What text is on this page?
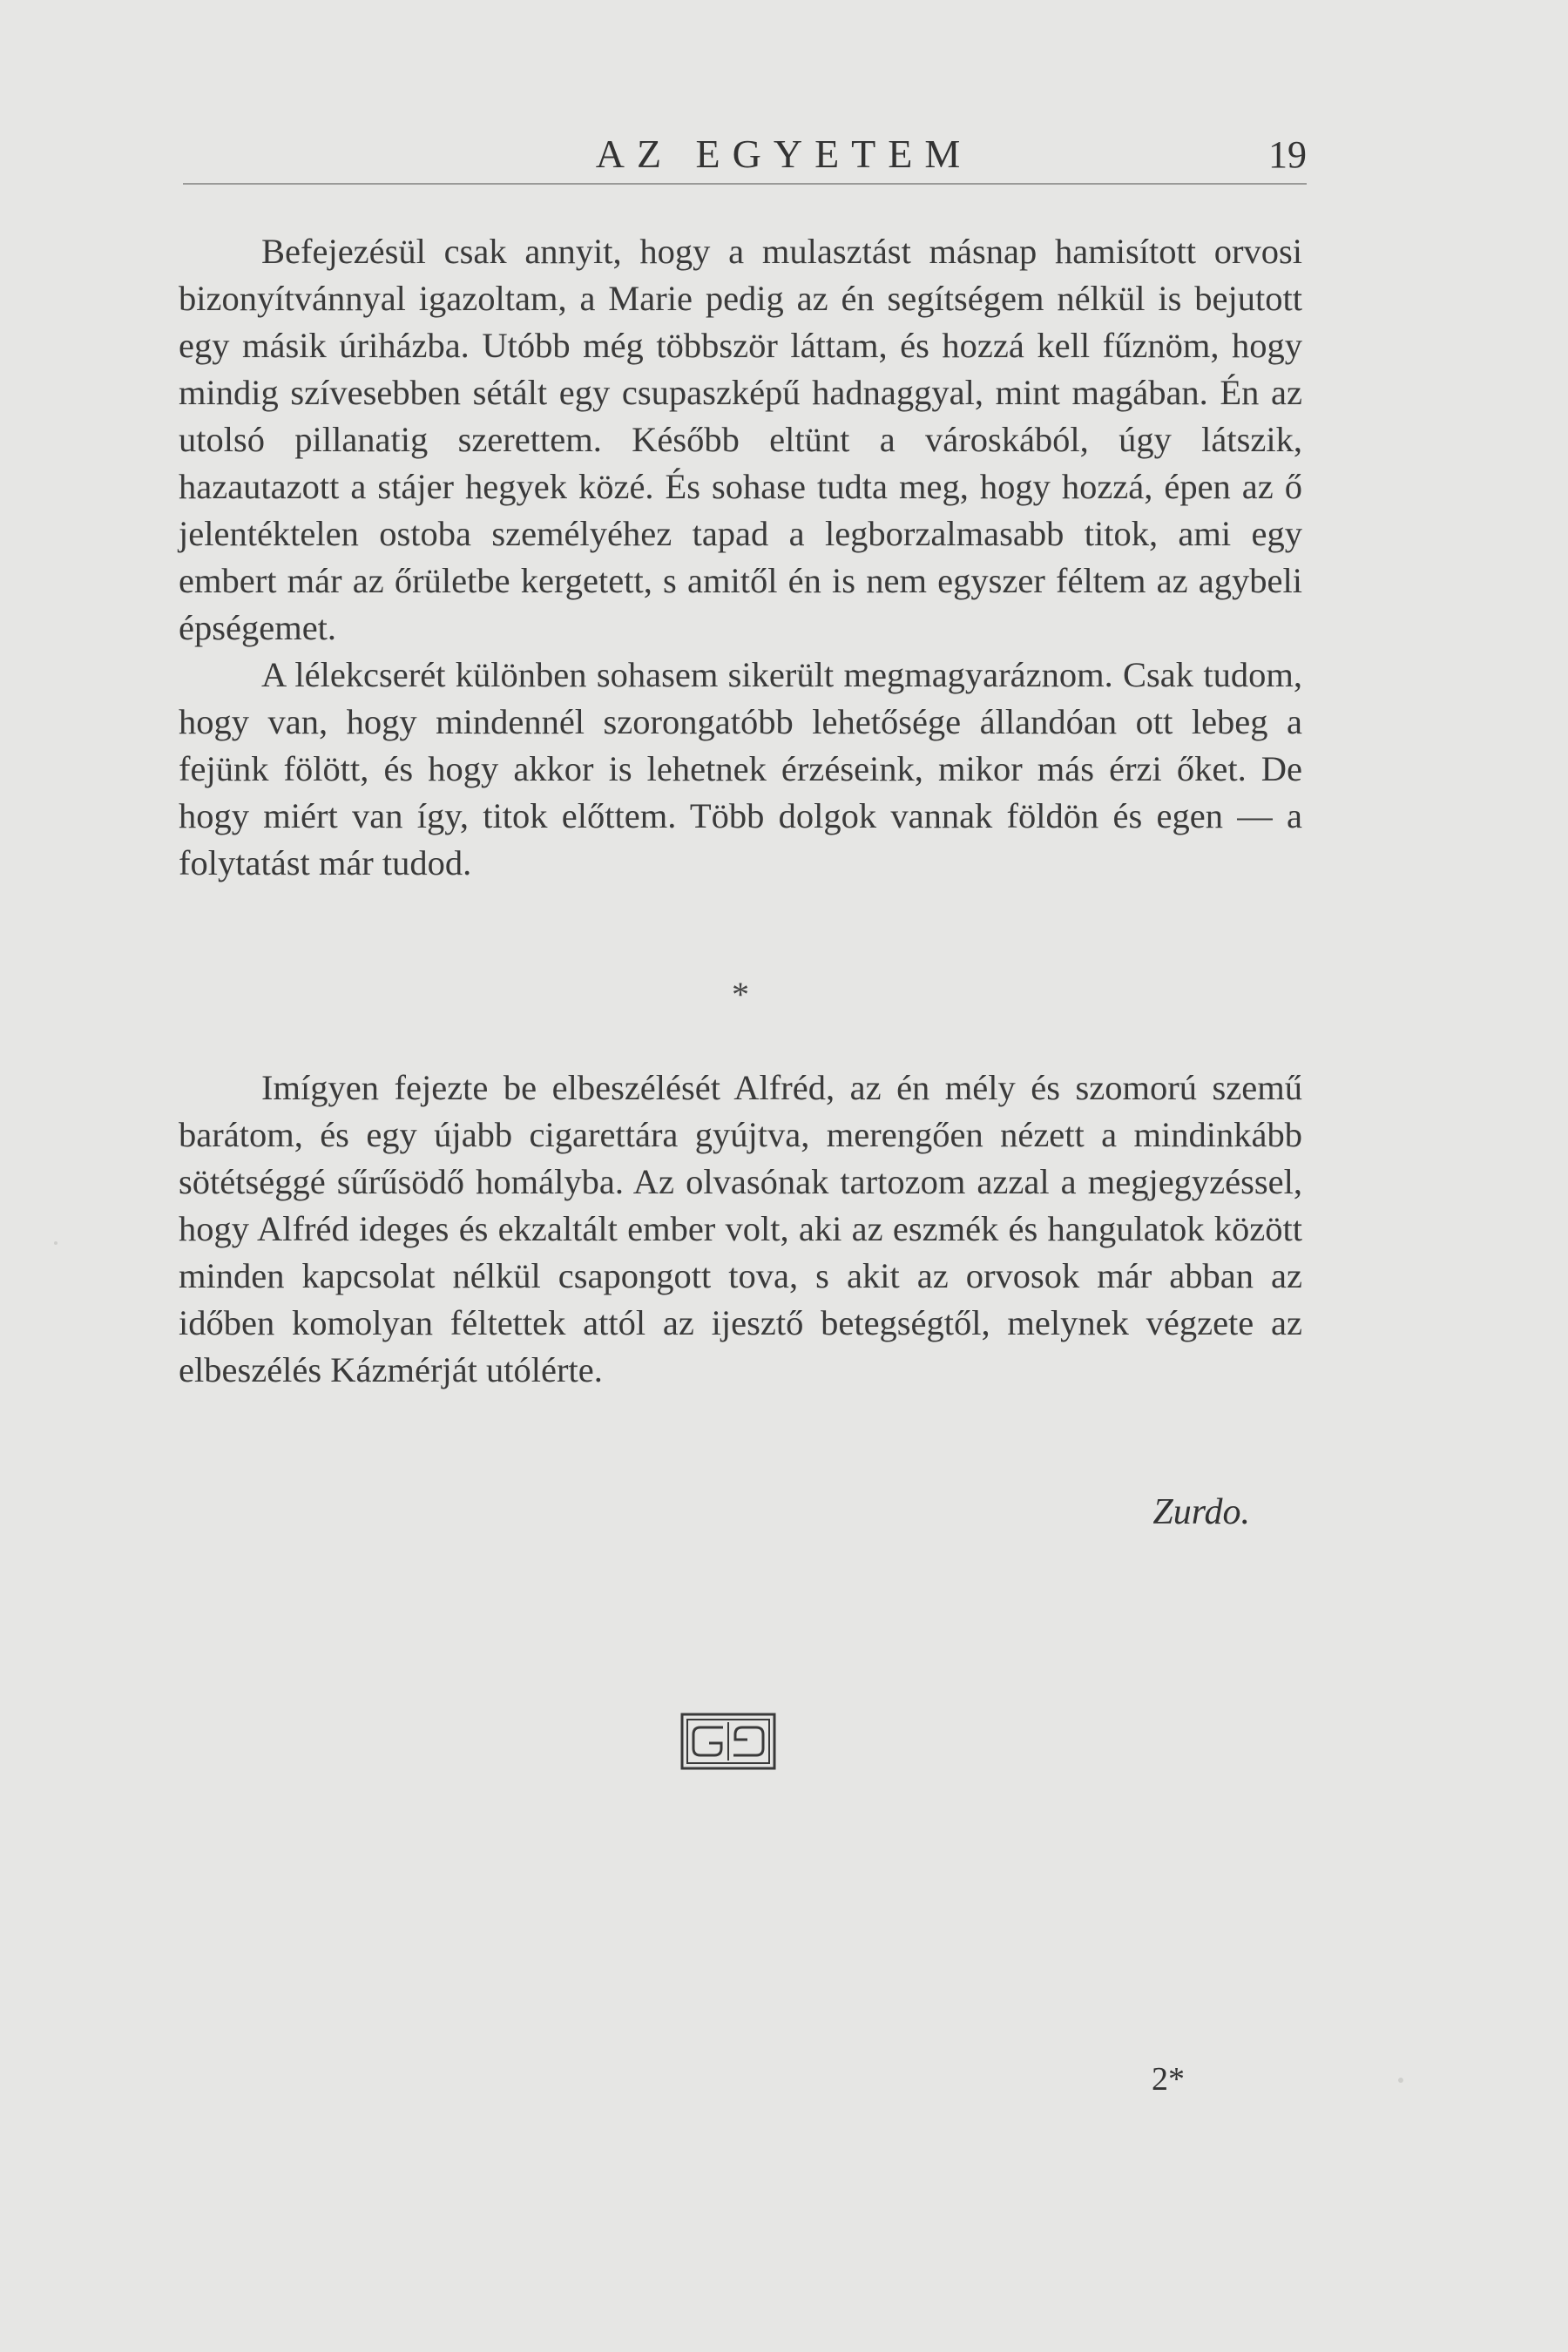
AZ EGYETEM	19

Befejezésül csak annyit, hogy a mulasztást másnap hamisított orvosi bizonyítvánnyal igazoltam, a Marie pedig az én segítségem nélkül is bejutott egy másik úriházba. Utóbb még többször láttam, és hozzá kell fűznöm, hogy mindig szívesebben sétált egy csupaszképű hadnaggyal, mint magában. Én az utolsó pillanatig szerettem. Később eltünt a városkából, úgy látszik, hazautazott a stájer hegyek közé. És sohase tudta meg, hogy hozzá, épen az ő jelentéktelen ostoba személyéhez tapad a legborzalmasabb titok, ami egy embert már az őrületbe kergetett, s amitől én is nem egyszer féltem az agybeli épségemet.

A lélekcserét különben sohasem sikerült megmagyaráznom. Csak tudom, hogy van, hogy mindennél szorongatóbb lehetősége állandóan ott lebeg a fejünk fölött, és hogy akkor is lehetnek érzéseink, mikor más érzi őket. De hogy miért van így, titok előttem. Több dolgok vannak földön és egen — a folytatást már tudod.

*

Imígyen fejezte be elbeszélését Alfréd, az én mély és szomorú szemű barátom, és egy újabb cigarettára gyújtva, merengően nézett a mindinkább sötétséggé sűrűsödő homályba. Az olvasónak tartozom azzal a megjegyzéssel, hogy Alfréd ideges és ekzaltált ember volt, aki az eszmék és hangulatok között minden kapcsolat nélkül csapongott tova, s akit az orvosok már abban az időben komolyan féltettek attól az ijesztő betegségtől, melynek végzete az elbeszélés Kázmérját utólérte.

Zurdo.
2*
